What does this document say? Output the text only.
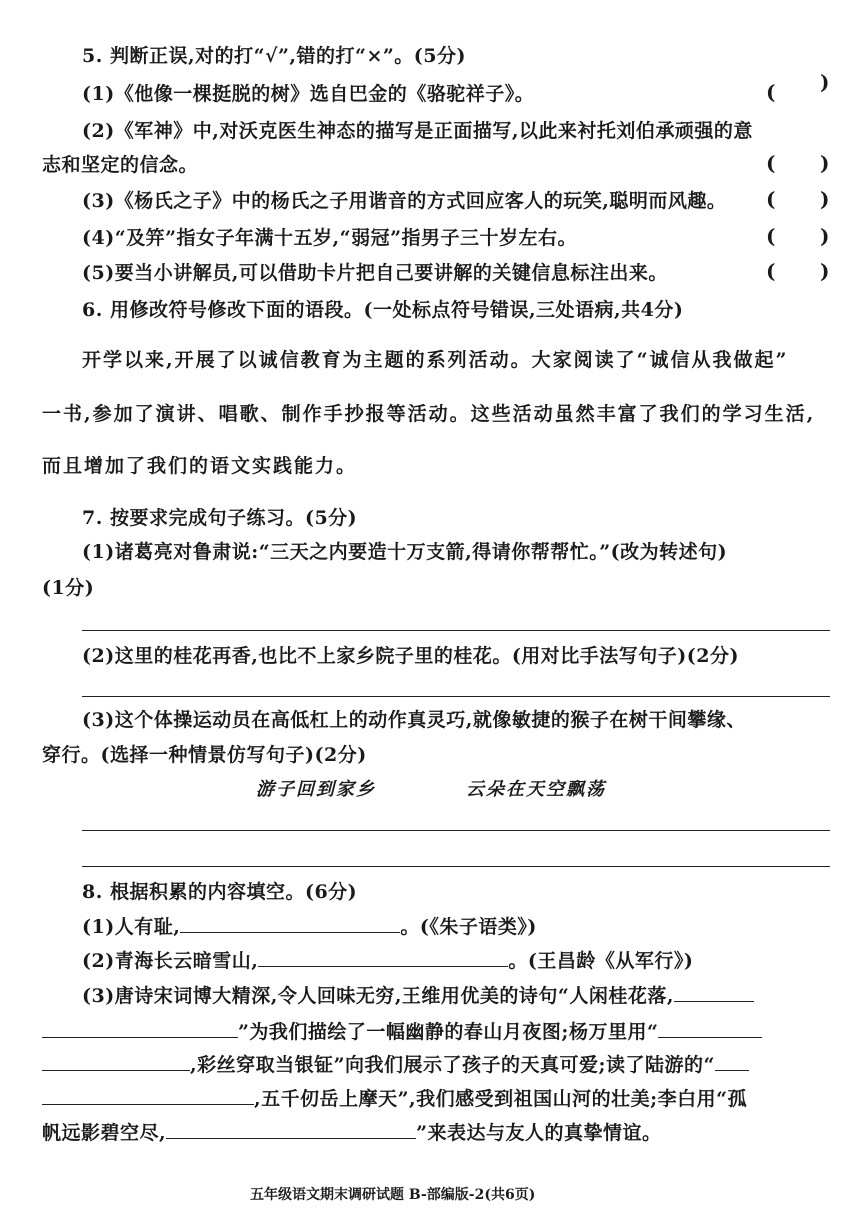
5. 判断正误,对的打“√”,错的打“×”。(5分)
(1)《他像一棵挺脱的树》选自巴金的《骆驼祥子》。	( )
(2)《军神》中,对沃克医生神态的描写是正面描写,以此来衬托刘伯承顽强的意
志和坚定的信念。	( )
(3)《杨氏之子》中的杨氏之子用谐音的方式回应客人的玩笑,聪明而风趣。 ( )
(4)“及笄”指女子年满十五岁,“弱冠”指男子三十岁左右。	( )
(5)要当小讲解员,可以借助卡片把自己要讲解的关键信息标注出来。	( )
6. 用修改符号修改下面的语段。(一处标点符号错误,三处语病,共4分)
开学以来,开展了以诚信教育为主题的系列活动。大家阅读了“诚信从我做起”
一书,参加了演讲、唱歌、制作手抄报等活动。这些活动虽然丰富了我们的学习生活,
而且增加了我们的语文实践能力。
7. 按要求完成句子练习。(5分)
(1)诸葛亮对鲁肃说:“三天之内要造十万支箭,得请你帮帮忙。”(改为转述句)
(1分)
(2)这里的桂花再香,也比不上家乡院子里的桂花。(用对比手法写句子)(2分)
(3)这个体操运动员在高低杠上的动作真灵巧,就像敏捷的猴子在树干间攀缘、
穿行。(选择一种情景仿写句子)(2分)
游子回到家乡	云朵在天空飘荡
8. 根据积累的内容填空。(6分)
(1)人有耻,	。(《朱子语类》)
(2)青海长云暗雪山,	。(王昌龄《从军行》)
(3)唐诗宋词博大精深,令人回味无穷,王维用优美的诗句“人闲桂花落,
”为我们描绘了一幅幽静的春山月夜图;杨万里用“
,彩丝穿取当银钲”向我们展示了孩子的天真可爱;读了陆游的“
,五千仞岳上摩天”,我们感受到祖国山河的壮美;李白用“孤
帆远影碧空尽,	”来表达与友人的真挚情谊。
五年级语文期末调研试题 B-部编版-2(共6页)
